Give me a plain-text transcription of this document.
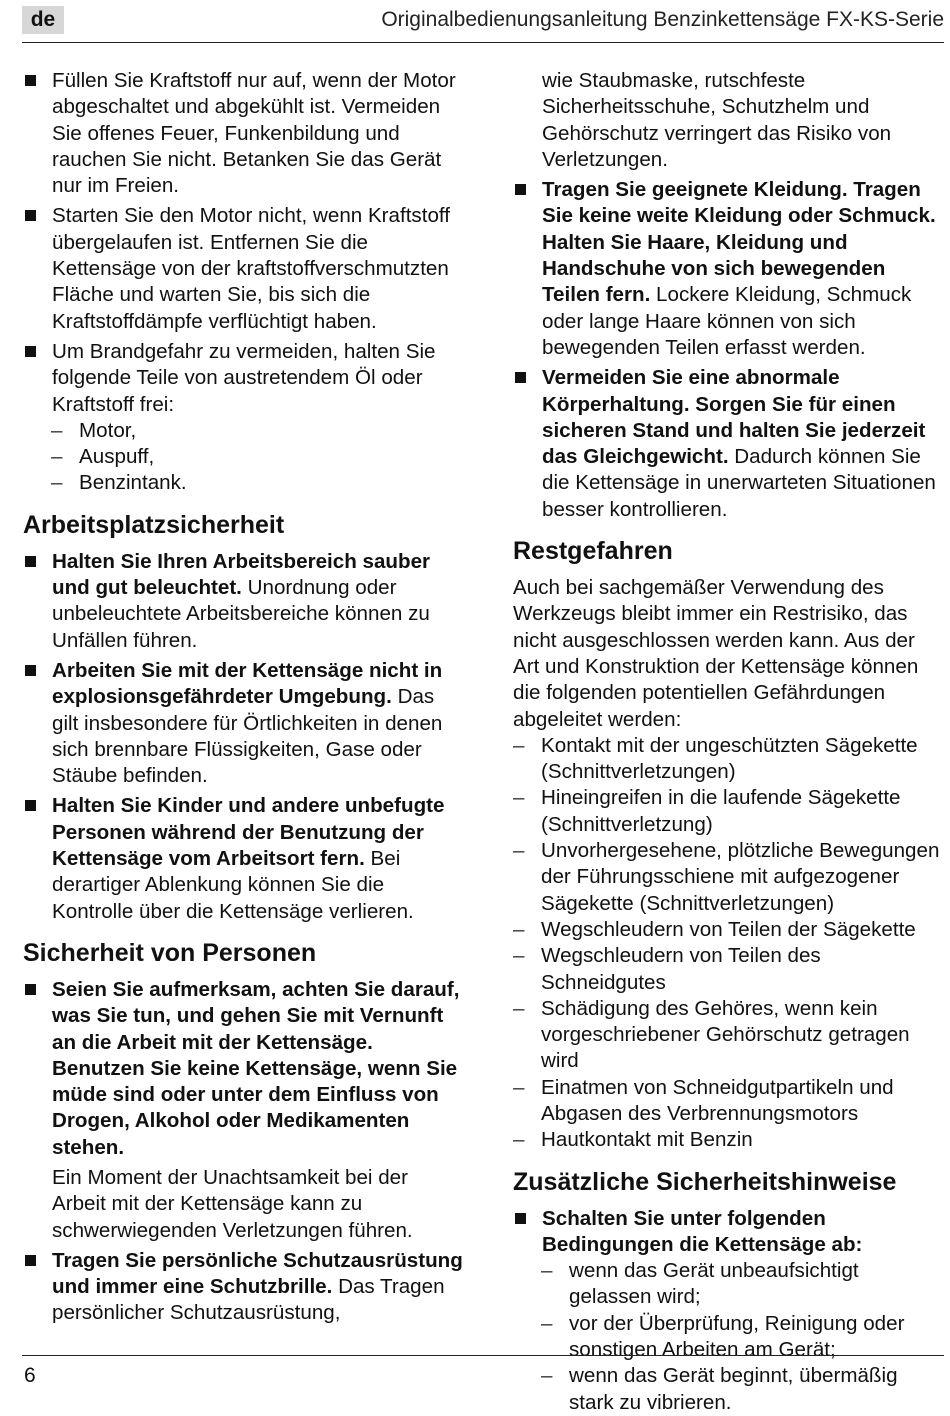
de	Originalbedienungsanleitung Benzinkettensäge FX-KS-Serie

Füllen Sie Kraftstoff nur auf, wenn der Motor abgeschaltet und abgekühlt ist. Vermeiden Sie offenes Feuer, Funkenbildung und rauchen Sie nicht. Betanken Sie das Gerät nur im Freien.

Starten Sie den Motor nicht, wenn Kraftstoff übergelaufen ist. Entfernen Sie die Kettensäge von der kraftstoffverschmutzten Fläche und warten Sie, bis sich die Kraftstoffdämpfe verflüchtigt haben.

Um Brandgefahr zu vermeiden, halten Sie folgende Teile von austretendem Öl oder Kraftstoff frei:

– Motor,

– Auspuff,

– Benzintank.

Arbeitsplatzsicherheit

Halten Sie Ihren Arbeitsbereich sauber und gut beleuchtet. Unordnung oder unbeleuchtete Arbeitsbereiche können zu Unfällen führen.

Arbeiten Sie mit der Kettensäge nicht in explosionsgefährdeter Umgebung. Das gilt insbesondere für Örtlichkeiten in denen sich brennbare Flüssigkeiten, Gase oder Stäube befinden.

Halten Sie Kinder und andere unbefugte Personen während der Benutzung der Kettensäge vom Arbeitsort fern. Bei derartiger Ablenkung können Sie die Kontrolle über die Kettensäge verlieren.

Sicherheit von Personen

Seien Sie aufmerksam, achten Sie darauf, was Sie tun, und gehen Sie mit Vernunft an die Arbeit mit der Kettensäge. Benutzen Sie keine Kettensäge, wenn Sie müde sind oder unter dem Einfluss von Drogen, Alkohol oder Medikamenten stehen.

Ein Moment der Unachtsamkeit bei der Arbeit mit der Kettensäge kann zu schwerwiegenden Verletzungen führen.

Tragen Sie persönliche Schutzausrüstung und immer eine Schutzbrille. Das Tragen persönlicher Schutzausrüstung,

wie Staubmaske, rutschfeste Sicherheitsschuhe, Schutzhelm und Gehörschutz verringert das Risiko von Verletzungen.

Tragen Sie geeignete Kleidung. Tragen Sie keine weite Kleidung oder Schmuck. Halten Sie Haare, Kleidung und Handschuhe von sich bewegenden Teilen fern. Lockere Kleidung, Schmuck oder lange Haare können von sich bewegenden Teilen erfasst werden.

Vermeiden Sie eine abnormale Körperhaltung. Sorgen Sie für einen sicheren Stand und halten Sie jederzeit das Gleichgewicht. Dadurch können Sie die Kettensäge in unerwarteten Situationen besser kontrollieren.

Restgefahren

Auch bei sachgemäßer Verwendung des Werkzeugs bleibt immer ein Restrisiko, das nicht ausgeschlossen werden kann. Aus der Art und Konstruktion der Kettensäge können die folgenden potentiellen Gefährdungen abgeleitet werden:

– Kontakt mit der ungeschützten Sägekette (Schnittverletzungen)

– Hineingreifen in die laufende Sägekette (Schnittverletzung)

– Unvorhergesehene, plötzliche Bewegungen der Führungsschiene mit aufgezogener Sägekette (Schnittverletzungen)

– Wegschleudern von Teilen der Sägekette

– Wegschleudern von Teilen des Schneidgutes

– Schädigung des Gehöres, wenn kein vorgeschriebener Gehörschutz getragen wird

– Einatmen von Schneidgutpartikeln und Abgasen des Verbrennungsmotors

– Hautkontakt mit Benzin

Zusätzliche Sicherheitshinweise

Schalten Sie unter folgenden Bedingungen die Kettensäge ab:

– wenn das Gerät unbeaufsichtigt gelassen wird;

– vor der Überprüfung, Reinigung oder sonstigen Arbeiten am Gerät;

– wenn das Gerät beginnt, übermäßig stark zu vibrieren.

6
